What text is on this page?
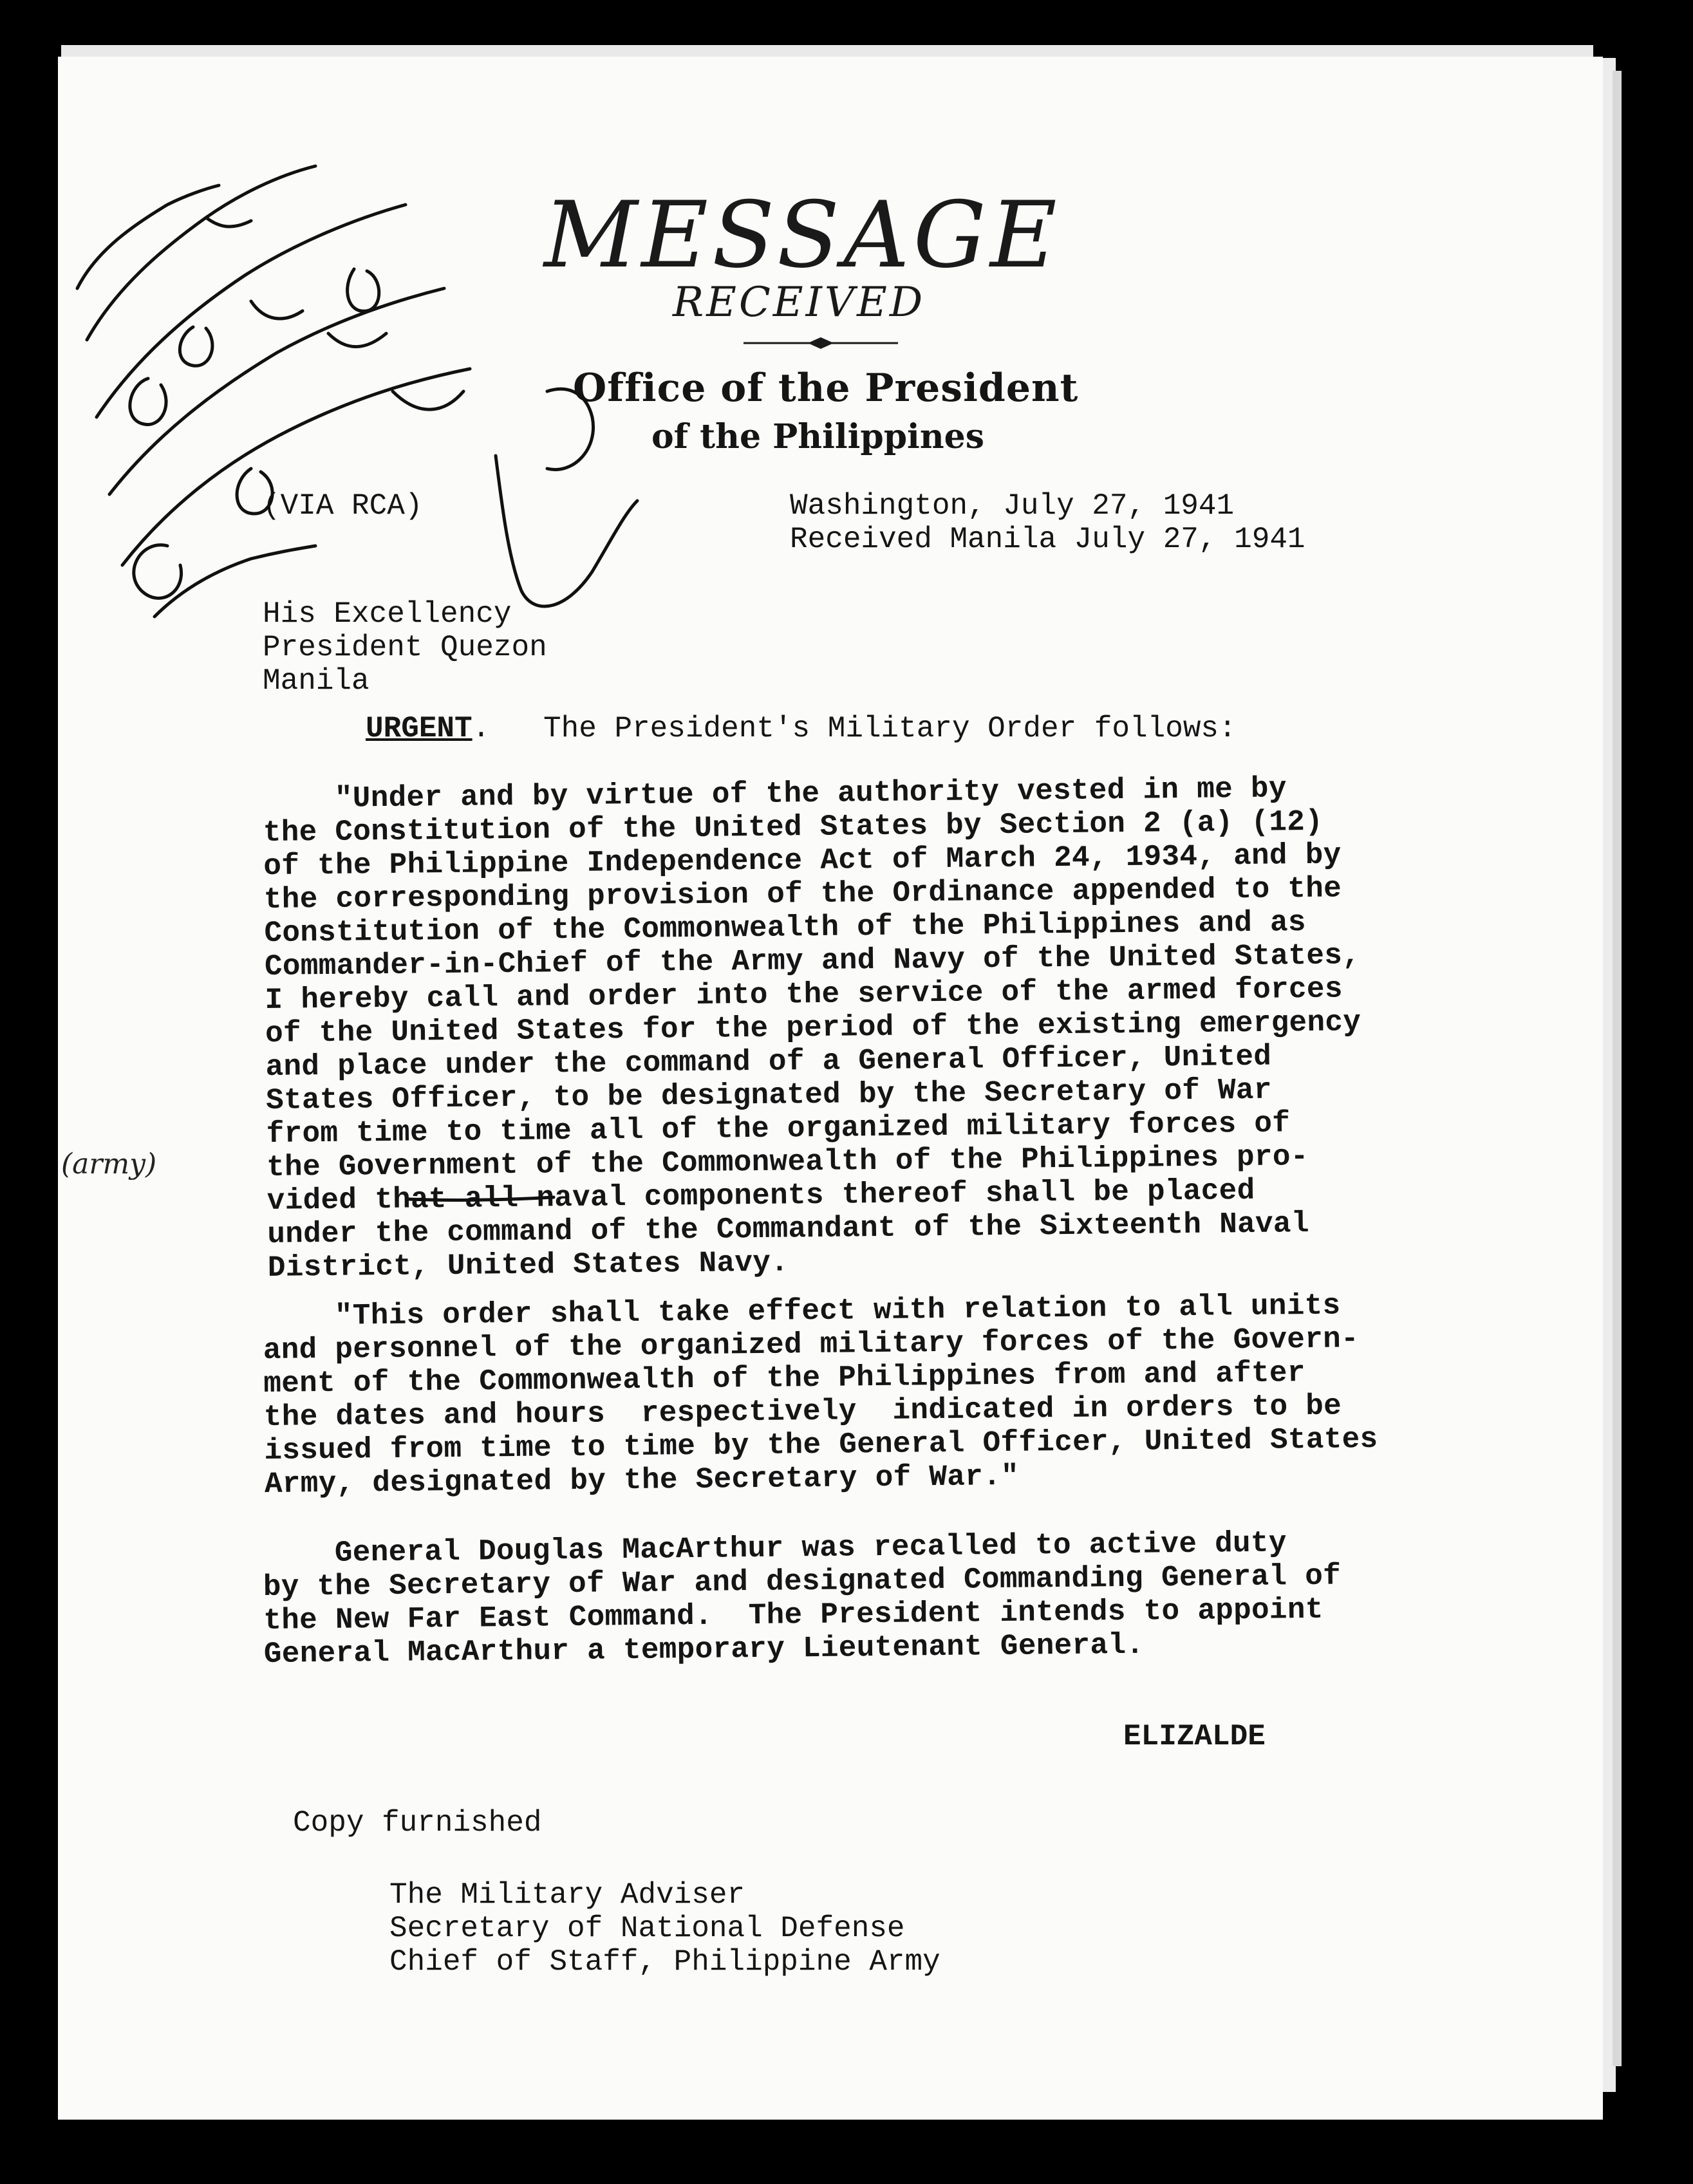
MESSAGE
RECEIVED
Office of the President
of the Philippines
(VIA RCA)	Washington, July 27, 1941
Received Manila July 27, 1941
His Excellency
President Quezon
Manila
URGENT.   The President's Military Order follows:
"Under and by virtue of the authority vested in me by
the Constitution of the United States by Section 2 (a) (12)
of the Philippine Independence Act of March 24, 1934, and by
the corresponding provision of the Ordinance appended to the
Constitution of the Commonwealth of the Philippines and as
Commander-in-Chief of the Army and Navy of the United States,
I hereby call and order into the service of the armed forces
of the United States for the period of the existing emergency
and place under the command of a General Officer, United
States Officer, to be designated by the Secretary of War
from time to time all of the organized military forces of
the Government of the Commonwealth of the Philippines pro-
vided that all naval components thereof shall be placed
under the command of the Commandant of the Sixteenth Naval
District, United States Navy.
"This order shall take effect with relation to all units
and personnel of the organized military forces of the Govern-
ment of the Commonwealth of the Philippines from and after
the dates and hours  respectively  indicated in orders to be
issued from time to time by the General Officer, United States
Army, designated by the Secretary of War."
General Douglas MacArthur was recalled to active duty
by the Secretary of War and designated Commanding General of
the New Far East Command.  The President intends to appoint
General MacArthur a temporary Lieutenant General.
ELIZALDE
Copy furnished
The Military Adviser
Secretary of National Defense
Chief of Staff, Philippine Army
(army)
